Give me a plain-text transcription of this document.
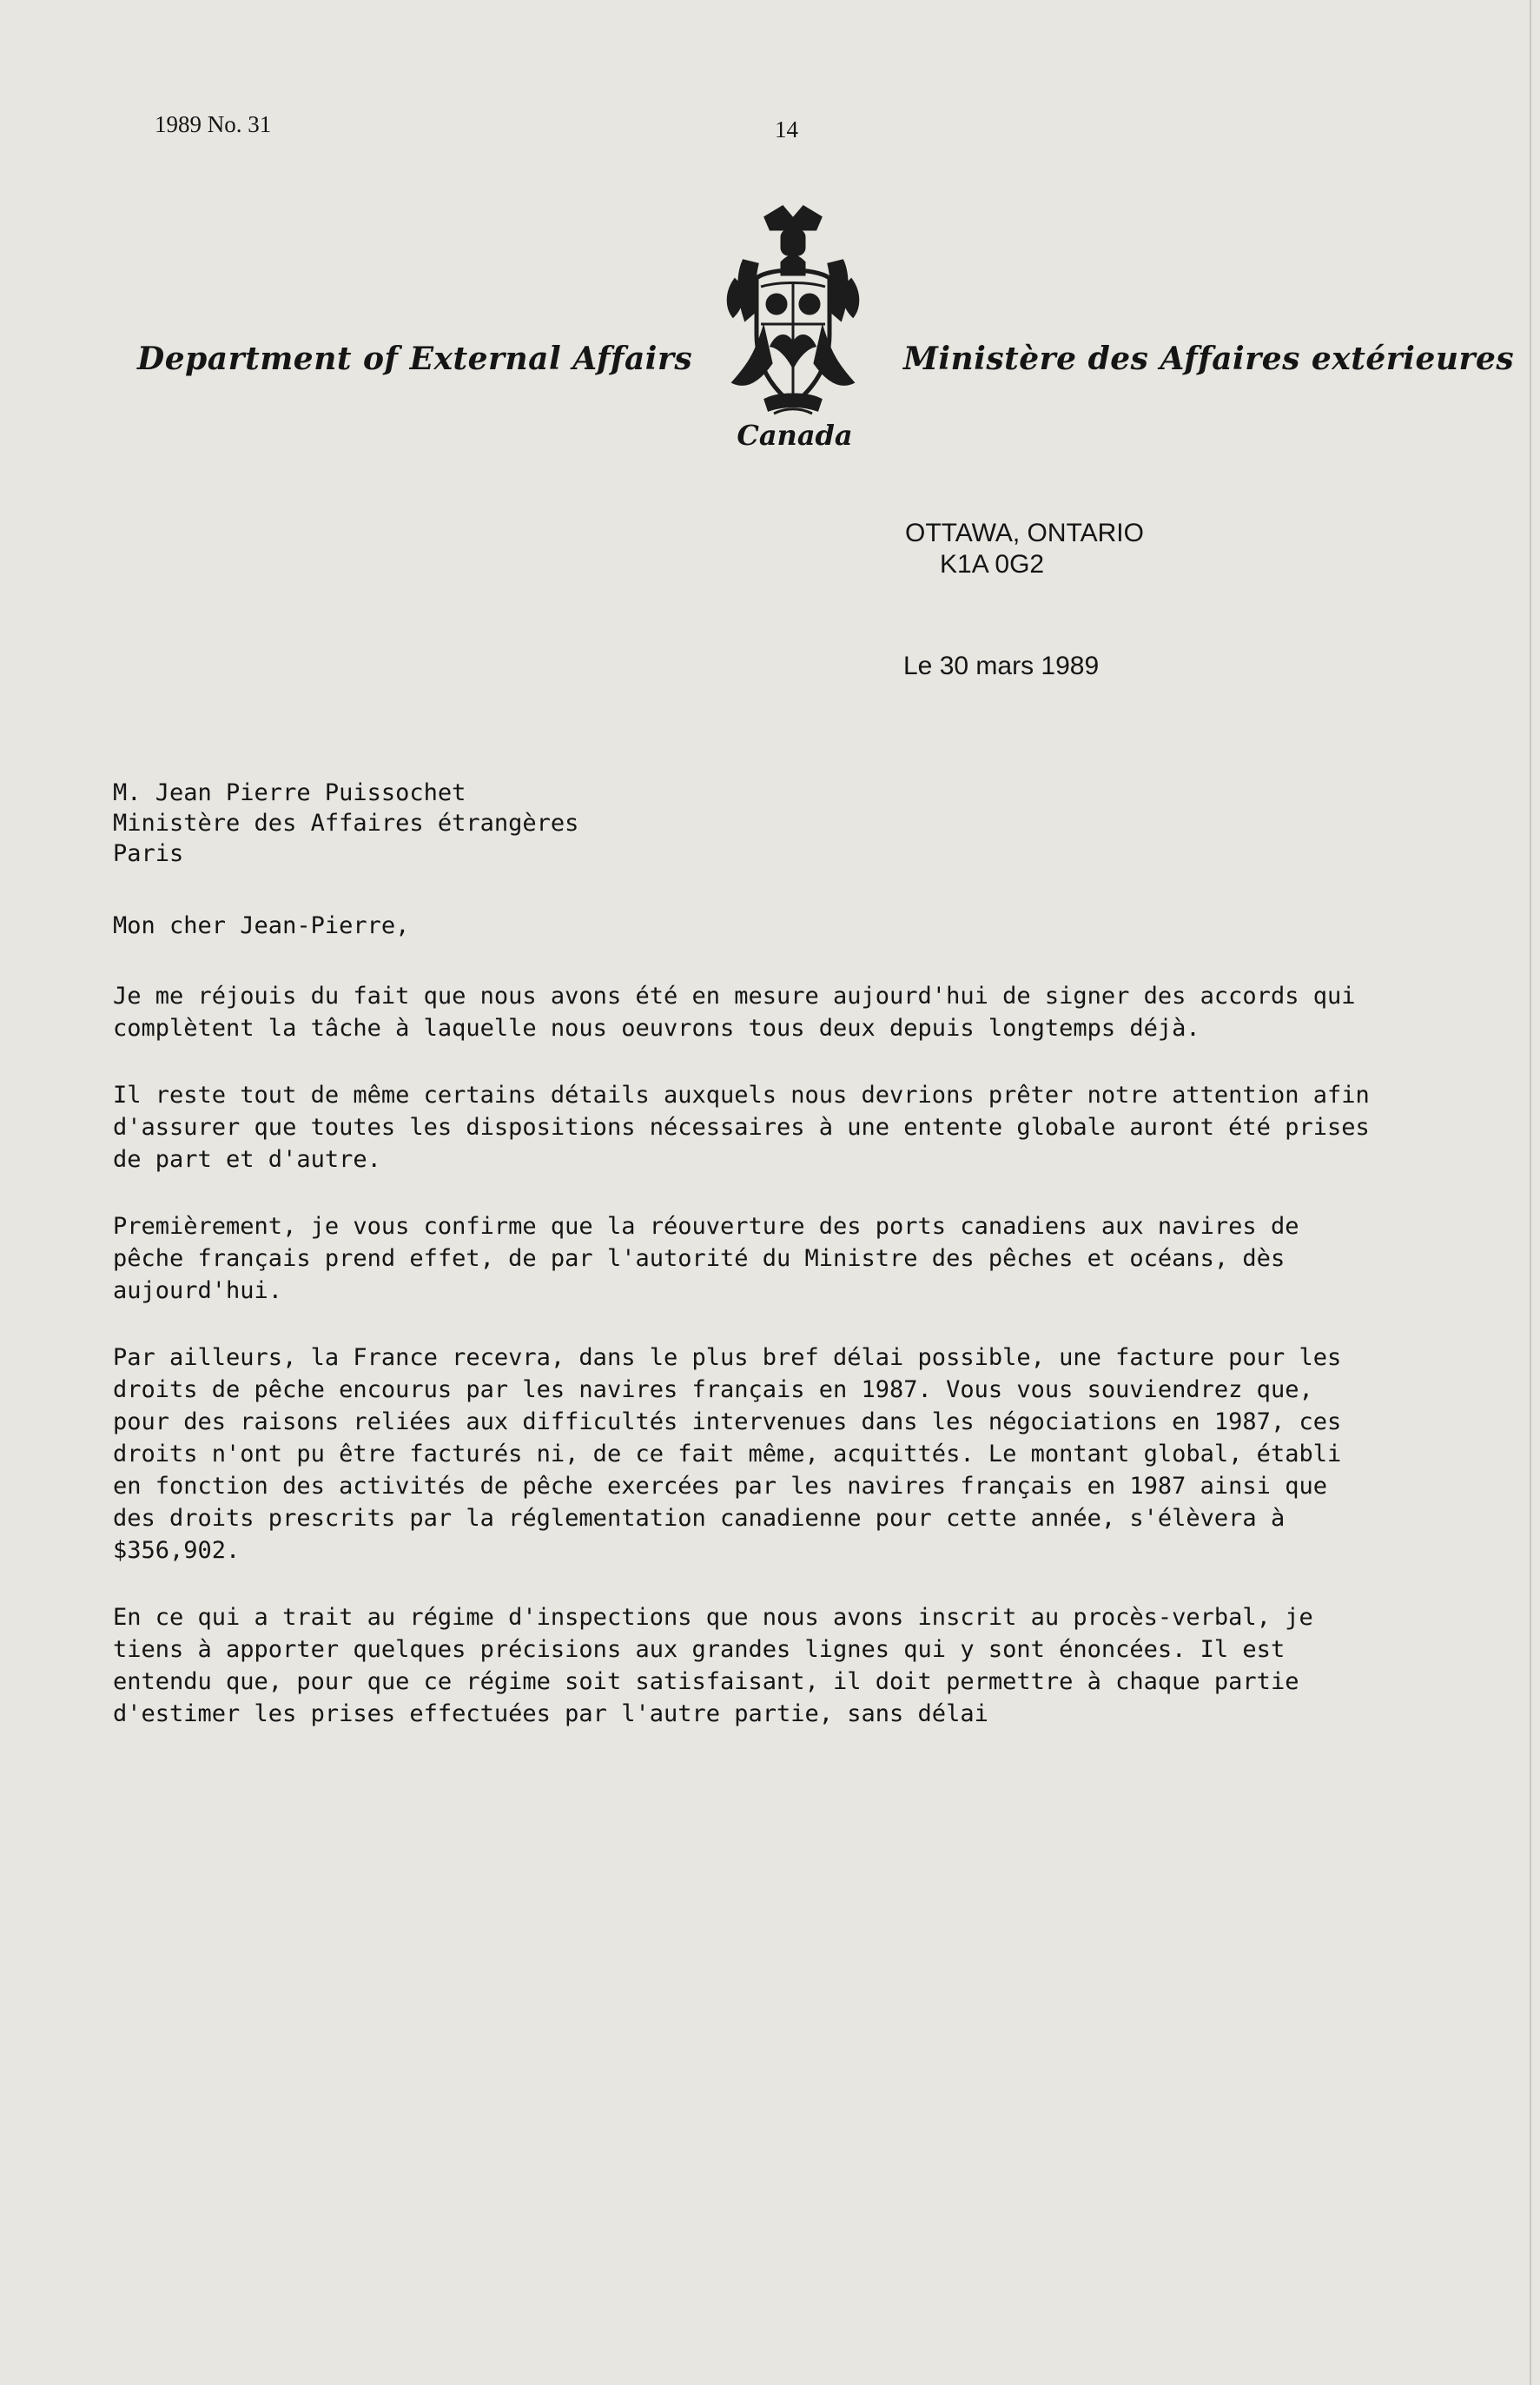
1989 No. 31	14
Department of External Affairs
Canada
Ministère des Affaires extérieures
OTTAWA, ONTARIO
K1A 0G2
Le 30 mars 1989
M. Jean Pierre Puissochet
Ministère des Affaires étrangères
Paris
Mon cher Jean-Pierre,

Je me réjouis du fait que nous avons été en mesure aujourd'hui de signer des accords qui complètent la tâche à laquelle nous oeuvrons tous deux depuis longtemps déjà.

Il reste tout de même certains détails auxquels nous devrions prêter notre attention afin d'assurer que toutes les dispositions nécessaires à une entente globale auront été prises de part et d'autre.

Premièrement, je vous confirme que la réouverture des ports canadiens aux navires de pêche français prend effet, de par l'autorité du Ministre des pêches et océans, dès aujourd'hui.

Par ailleurs, la France recevra, dans le plus bref délai possible, une facture pour les droits de pêche encourus par les navires français en 1987. Vous vous souviendrez que, pour des raisons reliées aux difficultés intervenues dans les négociations en 1987, ces droits n'ont pu être facturés ni, de ce fait même, acquittés. Le montant global, établi en fonction des activités de pêche exercées par les navires français en 1987 ainsi que des droits prescrits par la réglementation canadienne pour cette année, s'élèvera à $356,902.

En ce qui a trait au régime d'inspections que nous avons inscrit au procès-verbal, je tiens à apporter quelques précisions aux grandes lignes qui y sont énoncées. Il est entendu que, pour que ce régime soit satisfaisant, il doit permettre à chaque partie d'estimer les prises effectuées par l'autre partie, sans délai
